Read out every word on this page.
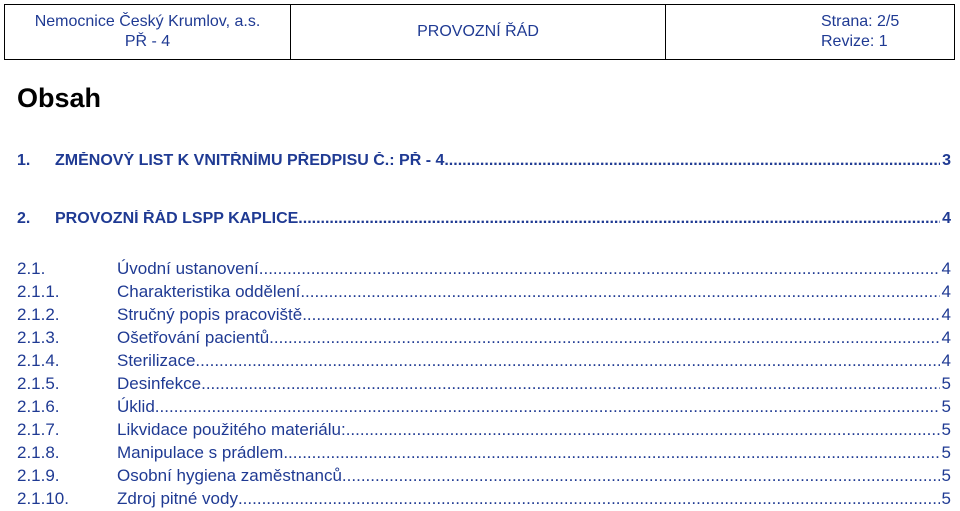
Nemocnice Český Krumlov, a.s.
PŘ - 4
PROVOZNÍ ŘÁD
Strana: 2/5
Revize: 1
Obsah
1.	ZMĚNOVÝ LIST K VNITŘNÍMU PŘEDPISU Č.: PŘ - 4 .....	3
2.	PROVOZNÍ ŘÁD LSPP KAPLICE .....	4
2.1.	Úvodní ustanovení .....	4
2.1.1.	Charakteristika oddělení .....	4
2.1.2.	Stručný popis pracoviště .....	4
2.1.3.	Ošetřování pacientů .....	4
2.1.4.	Sterilizace .....	4
2.1.5.	Desinfekce .....	5
2.1.6.	Úklid .....	5
2.1.7.	Likvidace použitého materiálu: .....	5
2.1.8.	Manipulace s prádlem .....	5
2.1.9.	Osobní hygiena zaměstnanců .....	5
2.1.10.	Zdroj pitné vody .....	5
